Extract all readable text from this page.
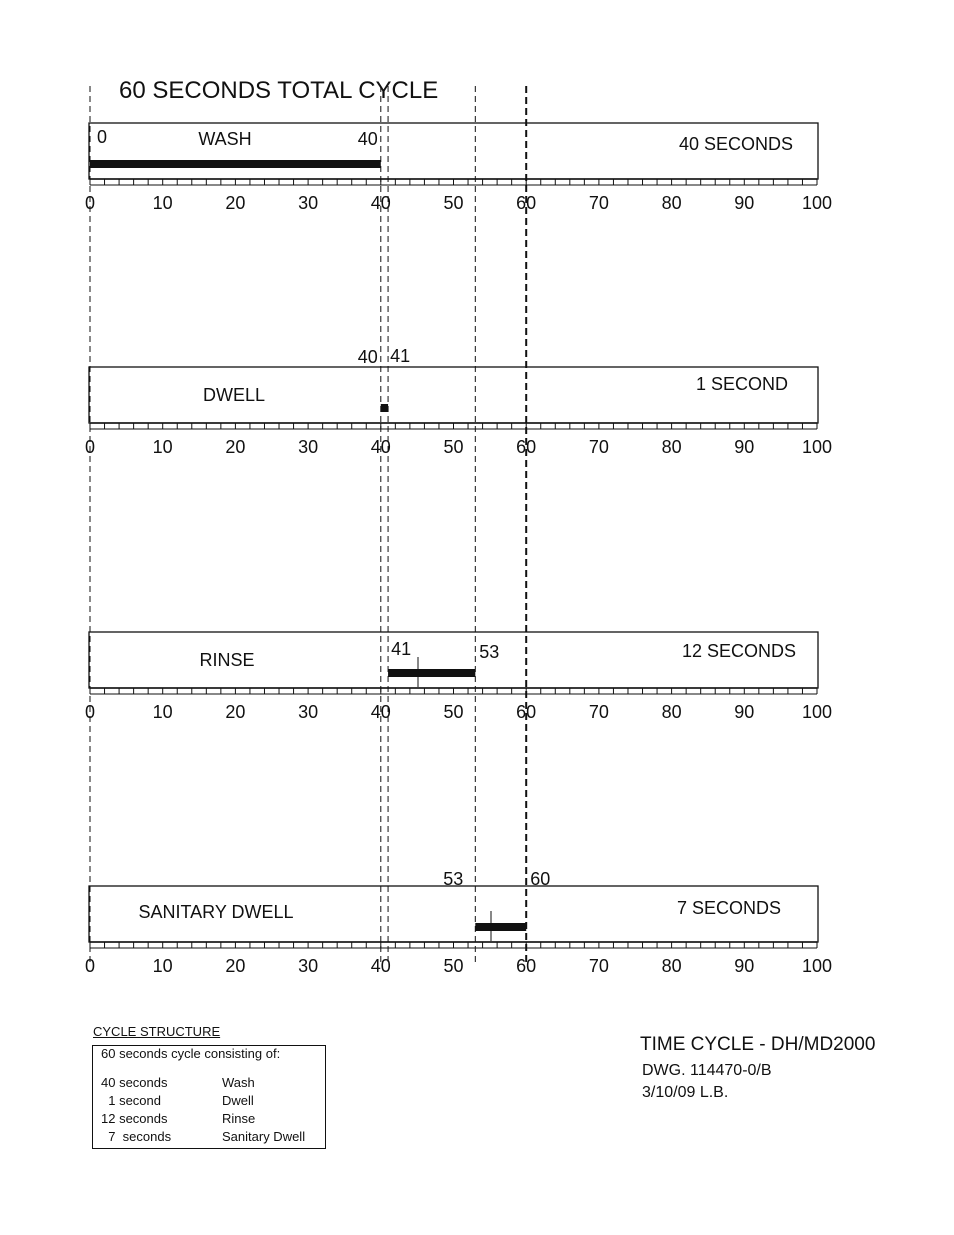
60 SECONDS TOTAL CYCLE
0	10	20	30	40	50	60	70	80	90	100
WASH	40 SECONDS
0	40
0	10	20	30	40	50	60	70	80	90	100
DWELL
1 SECOND
40 41
0	10	20	30	40	50	60	70	80	90	100
RINSE	12 SECONDS
41	53
0	10	20	30	40	50	60	70	80	90	100
SANITARY DWELL	7 SECONDS
53	60
CYCLE STRUCTURE
60 seconds cycle consisting of:
40 seconds	Wash
1 second	Dwell
12 seconds	Rinse
7  seconds	Sanitary Dwell
TIME CYCLE - DH/MD2000
DWG. 114470-0/B
3/10/09 L.B.
